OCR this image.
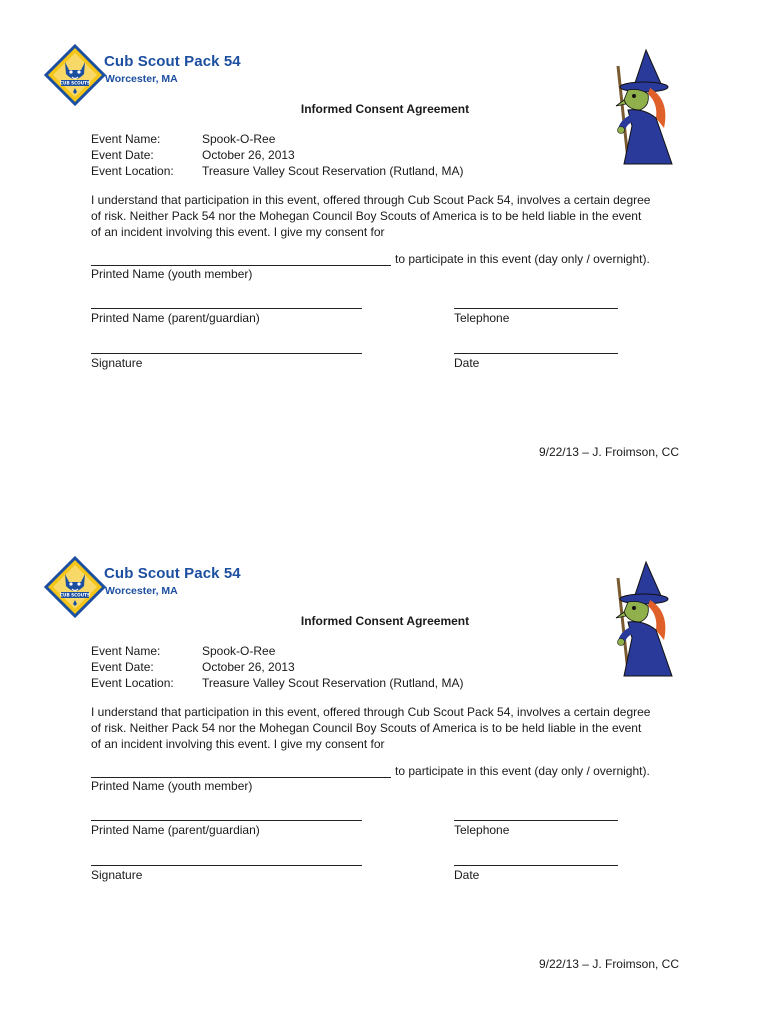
CUB SCOUTS
Cub Scout Pack 54
Worcester, MA
Informed Consent Agreement
Event Name:	Spook-O-Ree
Event Date:	October 26, 2013
Event Location: Treasure Valley Scout Reservation (Rutland, MA)
I understand that participation in this event, offered through Cub Scout Pack 54, involves a certain degree
of risk. Neither Pack 54 nor the Mohegan Council Boy Scouts of America is to be held liable in the event
of an incident involving this event. I give my consent for
to participate in this event (day only / overnight).
Printed Name (youth member)
Printed Name (parent/guardian)	Telephone
Signature	Date
9/22/13 – J. Froimson, CC
CUB SCOUTS
Cub Scout Pack 54
Worcester, MA
Informed Consent Agreement
Event Name:	Spook-O-Ree
Event Date:	October 26, 2013
Event Location: Treasure Valley Scout Reservation (Rutland, MA)
I understand that participation in this event, offered through Cub Scout Pack 54, involves a certain degree
of risk. Neither Pack 54 nor the Mohegan Council Boy Scouts of America is to be held liable in the event
of an incident involving this event. I give my consent for
to participate in this event (day only / overnight).
Printed Name (youth member)
Printed Name (parent/guardian)	Telephone
Signature	Date
9/22/13 – J. Froimson, CC
